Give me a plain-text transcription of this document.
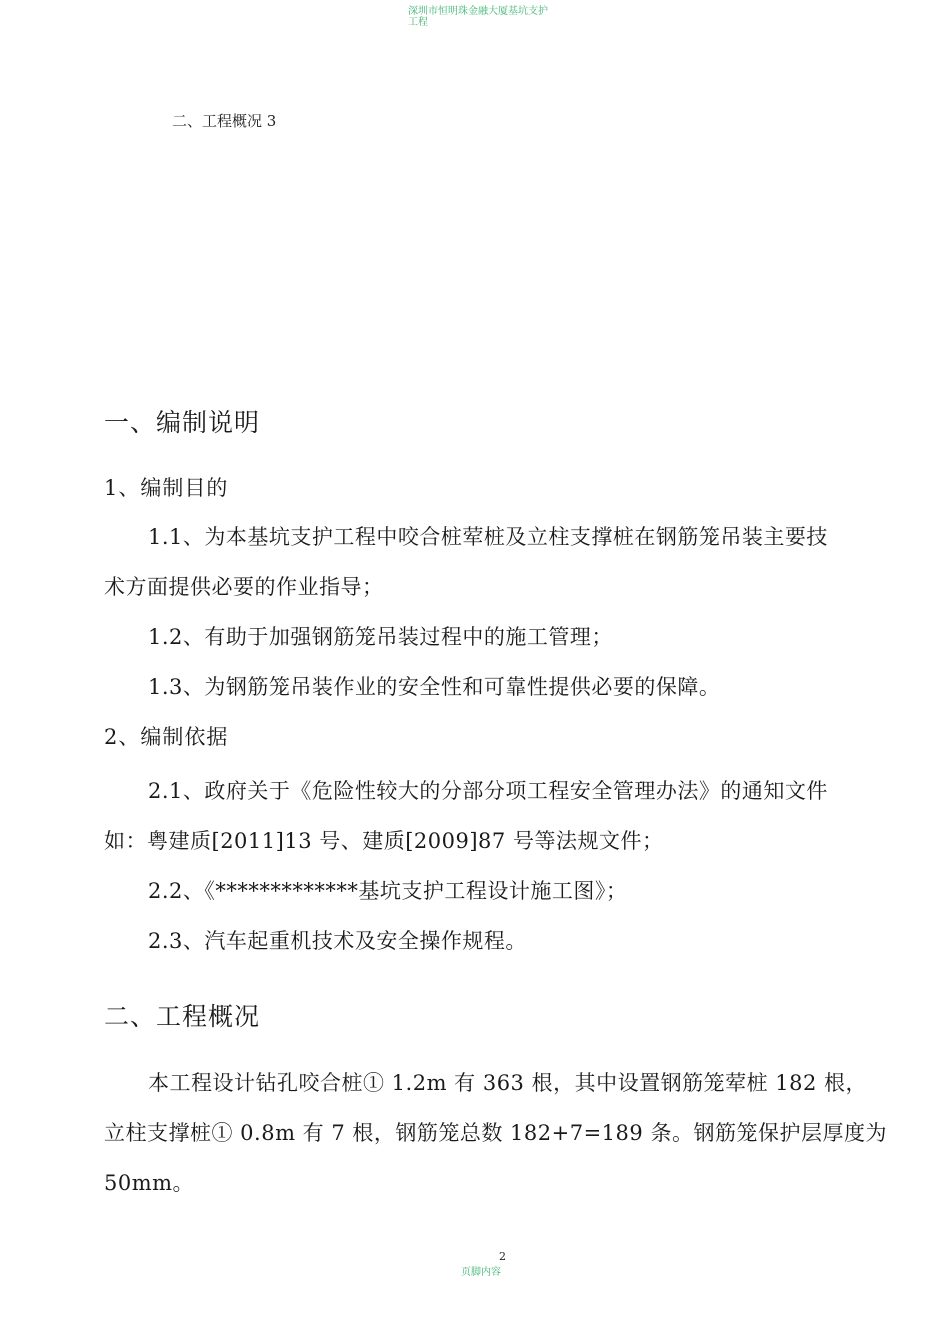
深圳市恒明珠金融大厦基坑支护
工程
二、工程概况 3
一、编制说明
1、编制目的
1.1、为本基坑支护工程中咬合桩荤桩及立柱支撑桩在钢筋笼吊装主要技
术方面提供必要的作业指导；
1.2、有助于加强钢筋笼吊装过程中的施工管理；
1.3、为钢筋笼吊装作业的安全性和可靠性提供必要的保障。
2、编制依据
2.1、政府关于《危险性较大的分部分项工程安全管理办法》的通知文件
如：粤建质[2011]13 号、建质[2009]87 号等法规文件；
2.2、《*************基坑支护工程设计施工图》；
2.3、汽车起重机技术及安全操作规程。
二、工程概况
本工程设计钻孔咬合桩① 1.2m 有 363 根，其中设置钢筋笼荤桩 182 根，
立柱支撑桩① 0.8m 有 7 根，钢筋笼总数 182+7=189 条。钢筋笼保护层厚度为
50mm。
2
页脚内容
